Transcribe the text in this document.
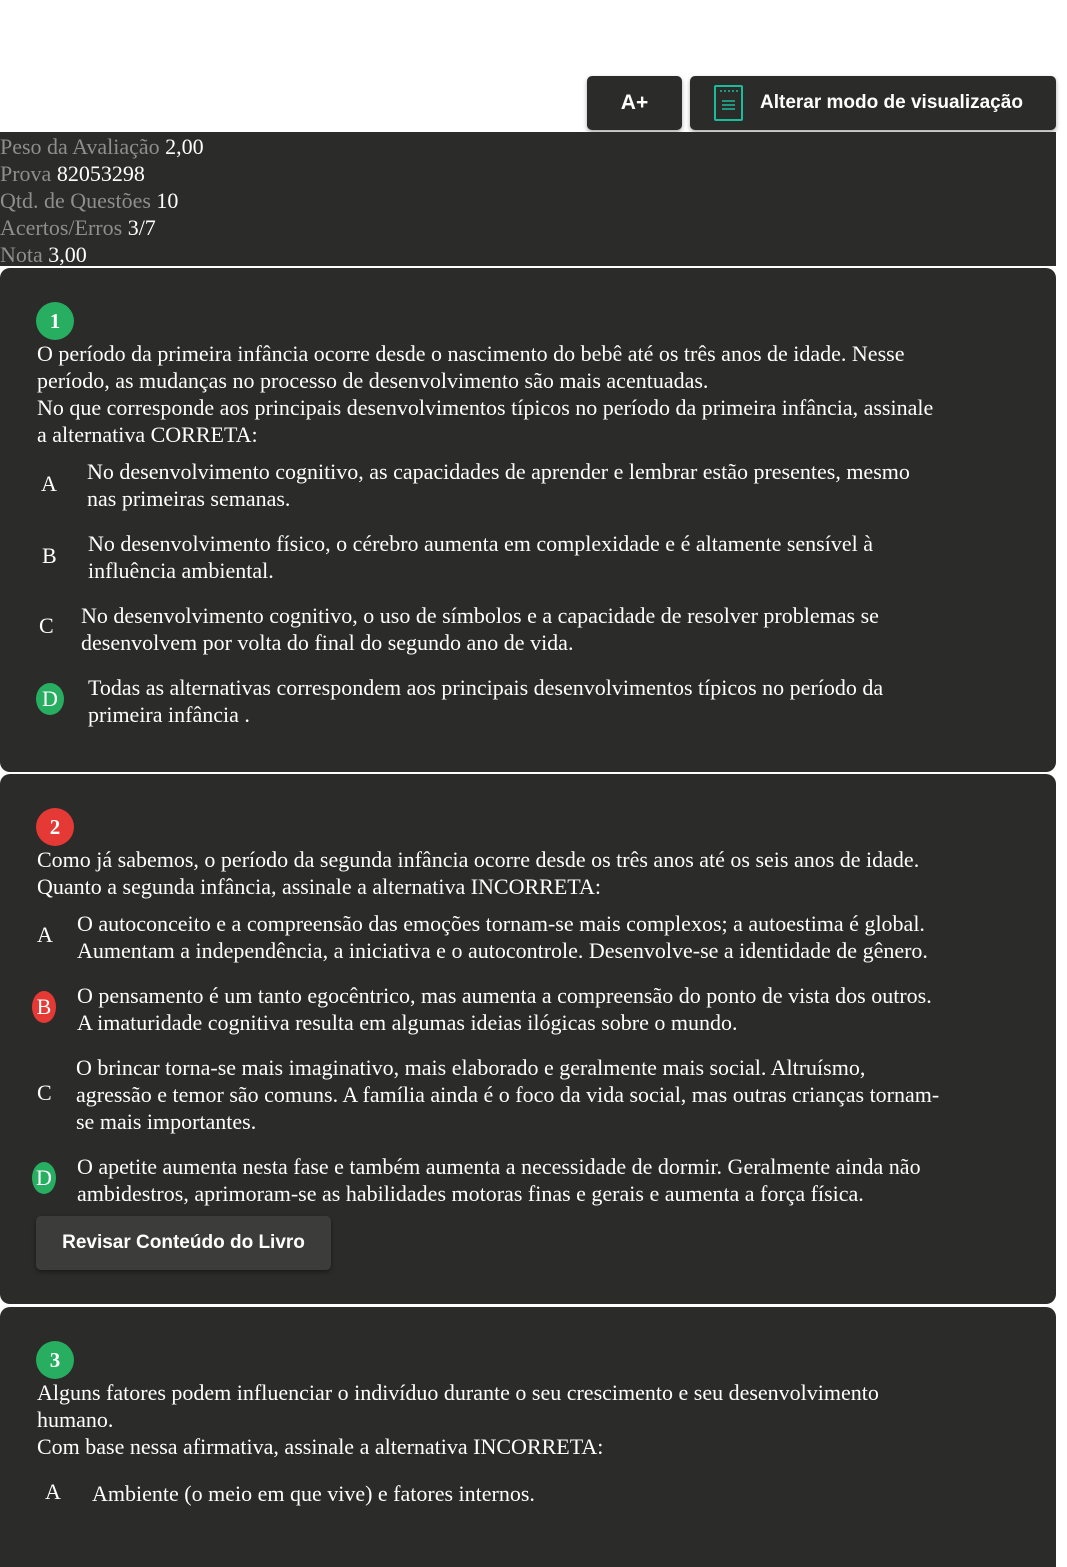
A+	Alterar modo de visualização
Peso da Avaliação 2,00
Prova 82053298
Qtd. de Questões 10
Acertos/Erros 3/7
Nota 3,00
1
O período da primeira infância ocorre desde o nascimento do bebê até os três anos de idade. Nesse
período, as mudanças no processo de desenvolvimento são mais acentuadas.
No que corresponde aos principais desenvolvimentos típicos no período da primeira infância, assinale
a alternativa CORRETA:
A No desenvolvimento cognitivo, as capacidades de aprender e lembrar estão presentes, mesmo
nas primeiras semanas.
B No desenvolvimento físico, o cérebro aumenta em complexidade e é altamente sensível à
influência ambiental.
C No desenvolvimento cognitivo, o uso de símbolos e a capacidade de resolver problemas se
desenvolvem por volta do final do segundo ano de vida.
D Todas as alternativas correspondem aos principais desenvolvimentos típicos no período da
primeira infância .
2
Como já sabemos, o período da segunda infância ocorre desde os três anos até os seis anos de idade.
Quanto a segunda infância, assinale a alternativa INCORRETA:
A O autoconceito e a compreensão das emoções tornam-se mais complexos; a autoestima é global.
Aumentam a independência, a iniciativa e o autocontrole. Desenvolve-se a identidade de gênero.
B O pensamento é um tanto egocêntrico, mas aumenta a compreensão do ponto de vista dos outros.
A imaturidade cognitiva resulta em algumas ideias ilógicas sobre o mundo.
C
O brincar torna-se mais imaginativo, mais elaborado e geralmente mais social. Altruísmo,
agressão e temor são comuns. A família ainda é o foco da vida social, mas outras crianças tornam-
se mais importantes.
D O apetite aumenta nesta fase e também aumenta a necessidade de dormir. Geralmente ainda não
ambidestros, aprimoram-se as habilidades motoras finas e gerais e aumenta a força física.
Revisar Conteúdo do Livro
3
Alguns fatores podem influenciar o indivíduo durante o seu crescimento e seu desenvolvimento
humano.
Com base nessa afirmativa, assinale a alternativa INCORRETA:
A Ambiente (o meio em que vive) e fatores internos.
